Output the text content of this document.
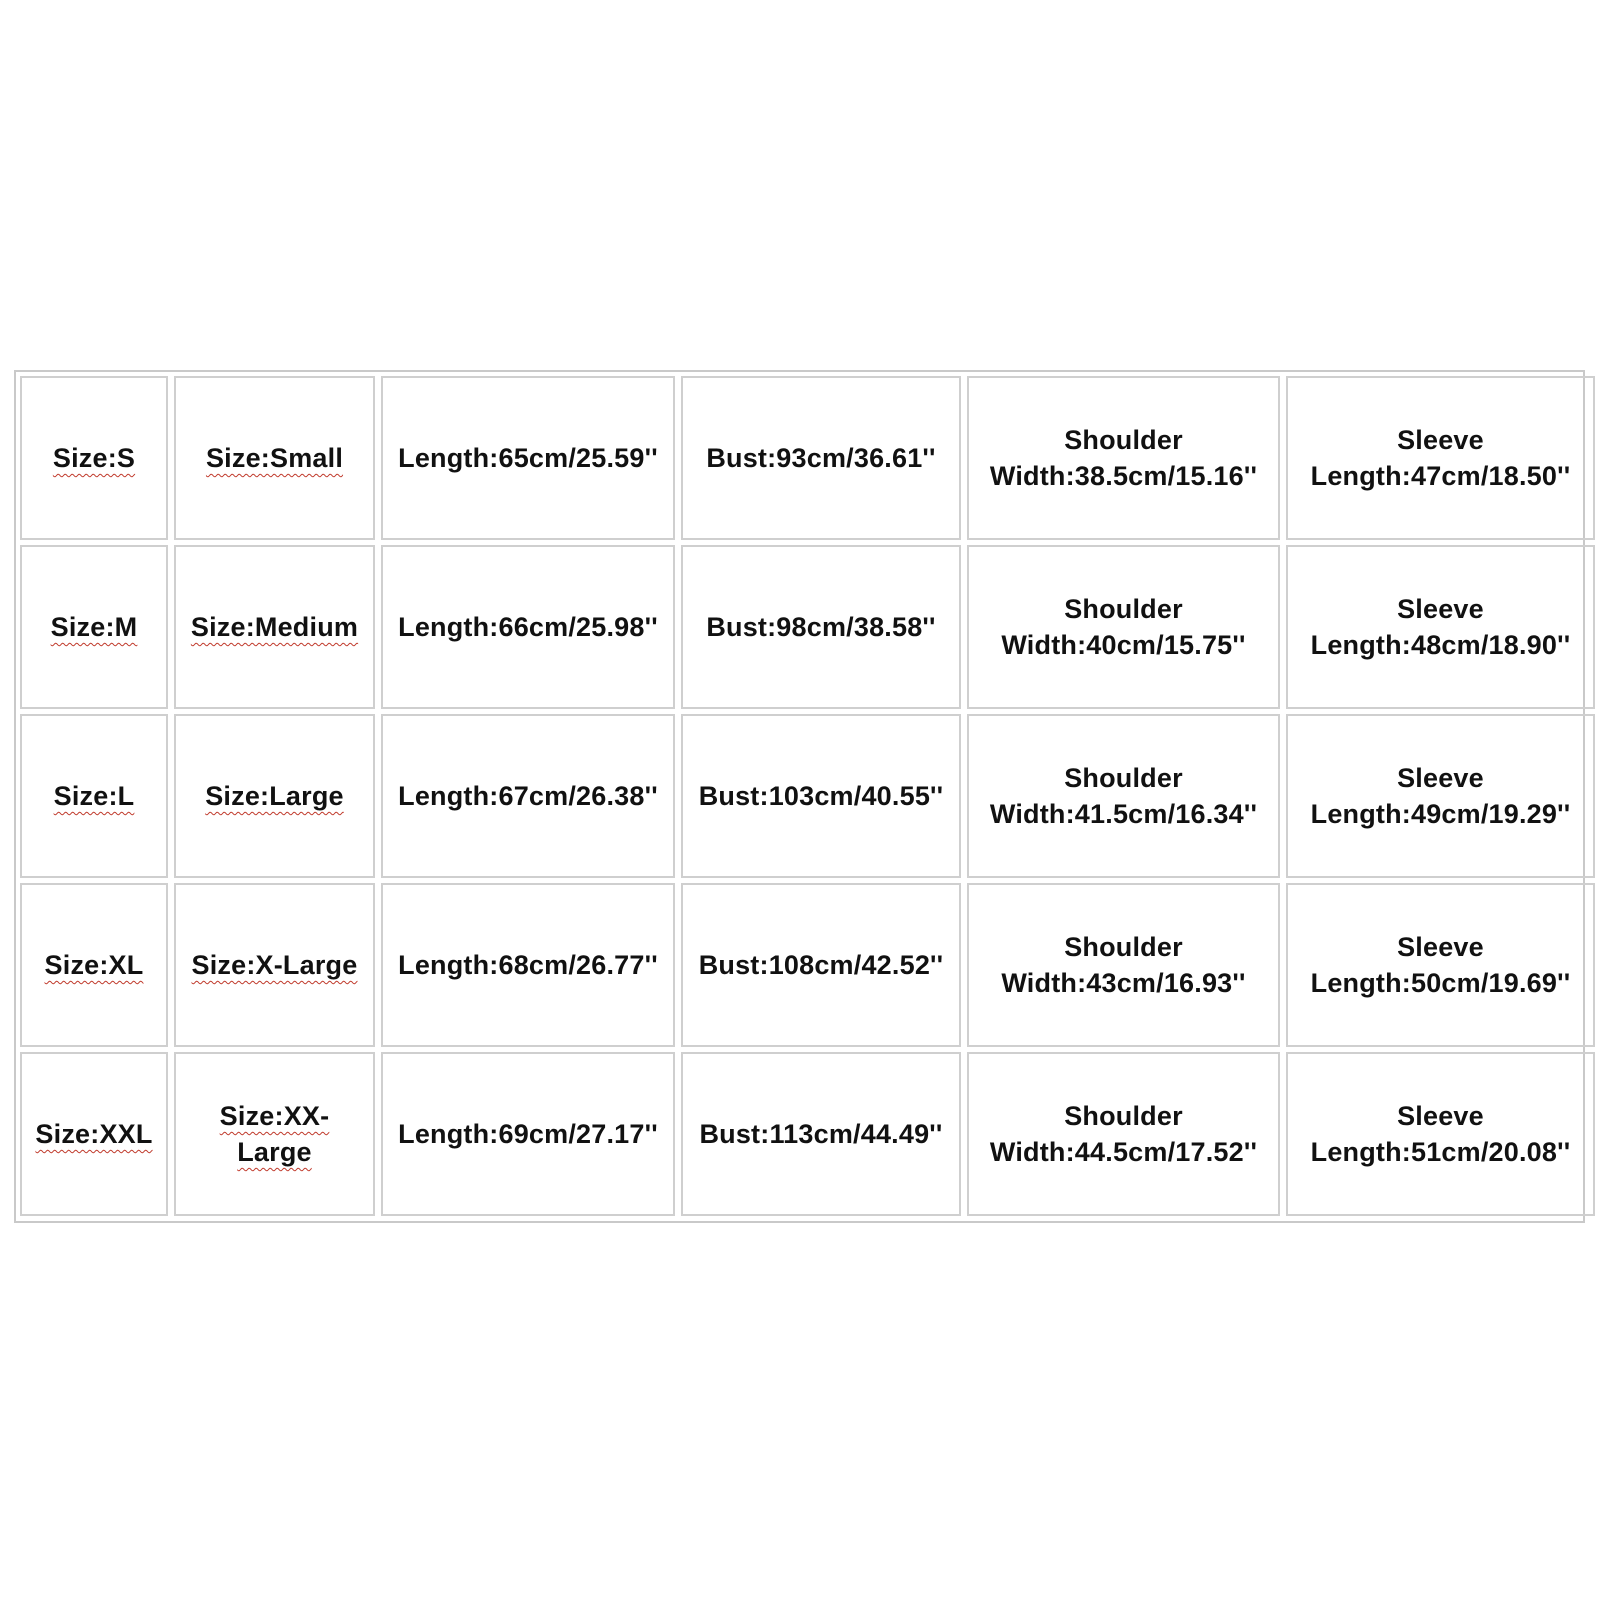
Size:S	Size:Small Length:65cm/25.59'' Bust:93cm/36.61''
Shoulder
Width:38.5cm/15.16''
Sleeve
Length:47cm/18.50''
Size:M Size:Medium Length:66cm/25.98'' Bust:98cm/38.58''
Shoulder
Width:40cm/15.75''
Sleeve
Length:48cm/18.90''
Size:L	Size:Large Length:67cm/26.38'' Bust:103cm/40.55''
Shoulder
Width:41.5cm/16.34''
Sleeve
Length:49cm/19.29''
Size:XL Size:X-Large Length:68cm/26.77'' Bust:108cm/42.52''
Shoulder
Width:43cm/16.93''
Sleeve
Length:50cm/19.69''
Size:XXL
Size:XX-
Large
Length:69cm/27.17'' Bust:113cm/44.49''
Shoulder
Width:44.5cm/17.52''
Sleeve
Length:51cm/20.08''
